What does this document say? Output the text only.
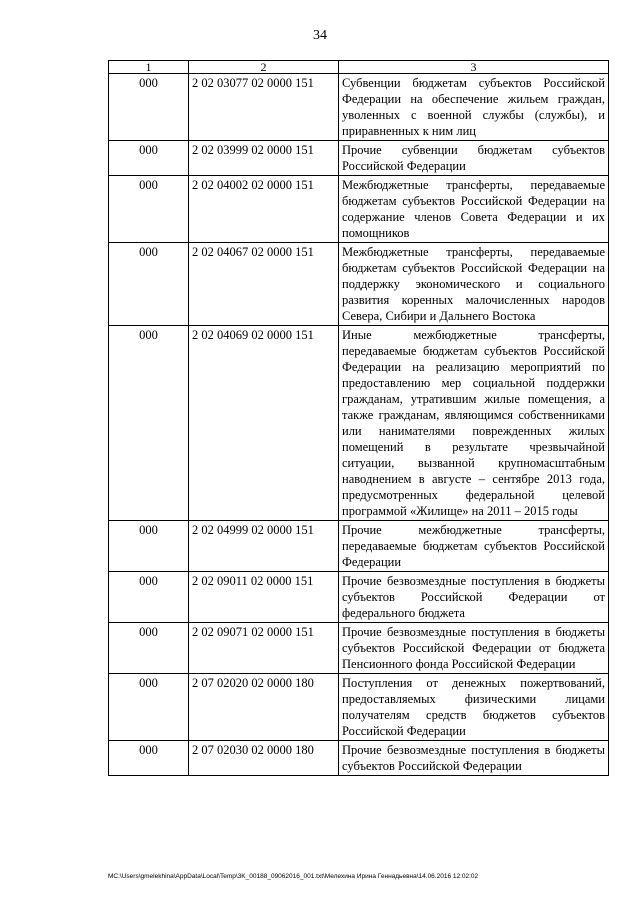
34
1	2	3
000	2 02 03077 02 0000 151	Субвенции бюджетам субъектов Российской Федерации на обеспечение жильем граждан, уволенных с военной службы (службы), и приравненных к ним лиц
000	2 02 03999 02 0000 151	Прочие субвенции бюджетам субъектов Российской Федерации
000	2 02 04002 02 0000 151	Межбюджетные трансферты, передаваемые бюджетам субъектов Российской Федерации на содержание членов Совета Федерации и их помощников
000	2 02 04067 02 0000 151	Межбюджетные трансферты, передаваемые бюджетам субъектов Российской Федерации на поддержку экономического и социального развития коренных малочисленных народов Севера, Сибири и Дальнего Востока
000	2 02 04069 02 0000 151	Иные межбюджетные трансферты, передаваемые бюджетам субъектов Российской Федерации на реализацию мероприятий по предоставлению мер социальной поддержки гражданам, утратившим жилые помещения, а также гражданам, являющимся собственниками или нанимателями поврежденных жилых помещений в результате чрезвычайной ситуации, вызванной крупномасштабным наводнением в августе – сентябре 2013 года, предусмотренных федеральной целевой программой «Жилище» на 2011 – 2015 годы
000	2 02 04999 02 0000 151	Прочие межбюджетные трансферты, передаваемые бюджетам субъектов Российской Федерации
000	2 02 09011 02 0000 151	Прочие безвозмездные поступления в бюджеты субъектов Российской Федерации от федерального бюджета
000	2 02 09071 02 0000 151	Прочие безвозмездные поступления в бюджеты субъектов Российской Федерации от бюджета Пенсионного фонда Российской Федерации
000	2 07 02020 02 0000 180	Поступления от денежных пожертвований, предоставляемых физическими лицами получателям средств бюджетов субъектов Российской Федерации
000	2 07 02030 02 0000 180	Прочие безвозмездные поступления в бюджеты субъектов Российской Федерации
MC:\Users\gmelekhina\AppData\Local\Temp\3K_00188_09062016_001.txt\Мелехина Ирина Геннадьевна\14.06.2016 12:02:02
